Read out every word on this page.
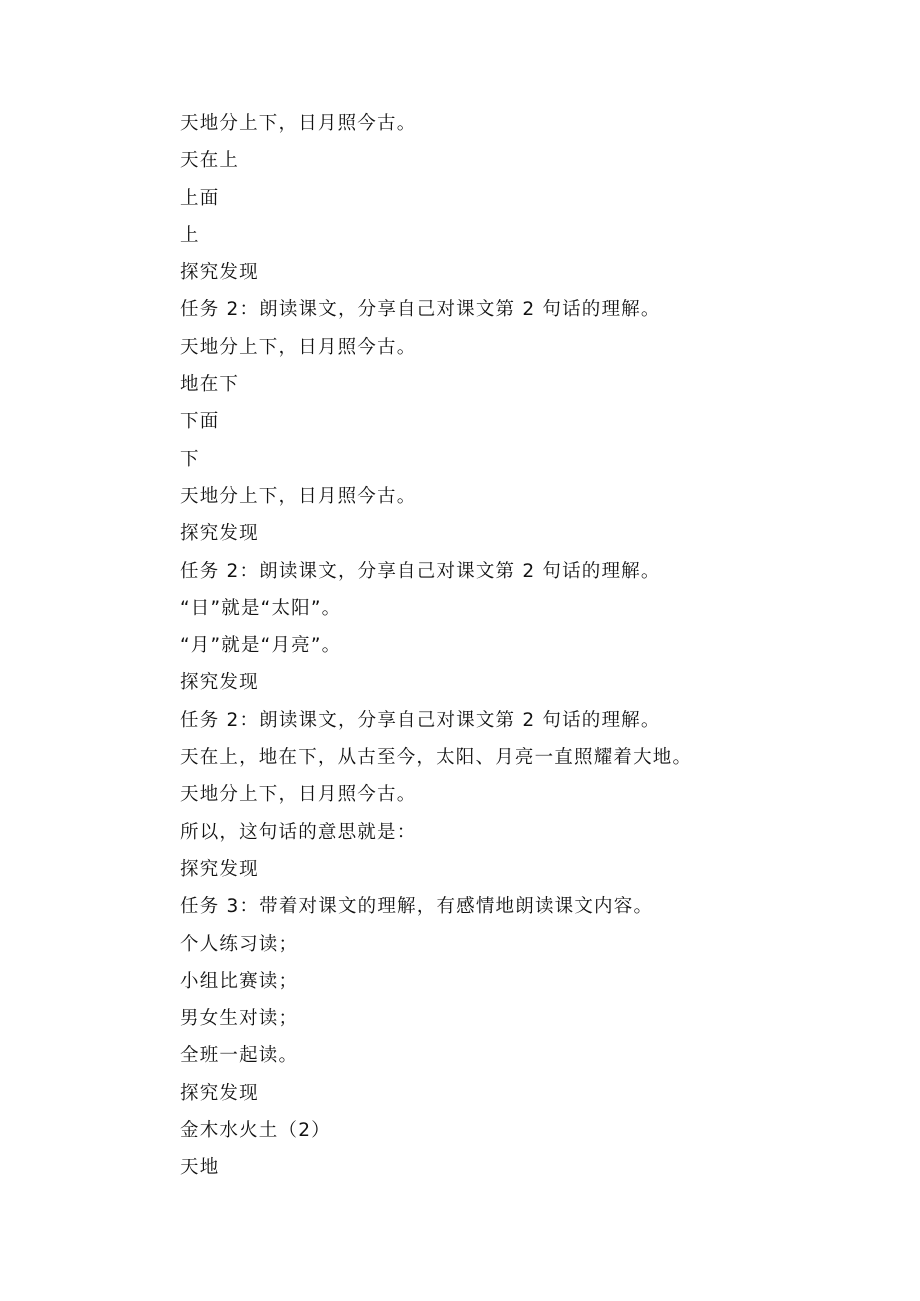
天地分上下，日月照今古。
天在上
上面
上
探究发现
任务 2：朗读课文，分享自己对课文第 2 句话的理解。
天地分上下，日月照今古。
地在下
下面
下
天地分上下，日月照今古。
探究发现
任务 2：朗读课文，分享自己对课文第 2 句话的理解。
“日”就是“太阳”。
“月”就是“月亮”。
探究发现
任务 2：朗读课文，分享自己对课文第 2 句话的理解。
天在上，地在下，从古至今，太阳、月亮一直照耀着大地。
天地分上下，日月照今古。
所以，这句话的意思就是：
探究发现
任务 3：带着对课文的理解，有感情地朗读课文内容。
个人练习读；
小组比赛读；
男女生对读；
全班一起读。
探究发现
金木水火土（2）
天地
